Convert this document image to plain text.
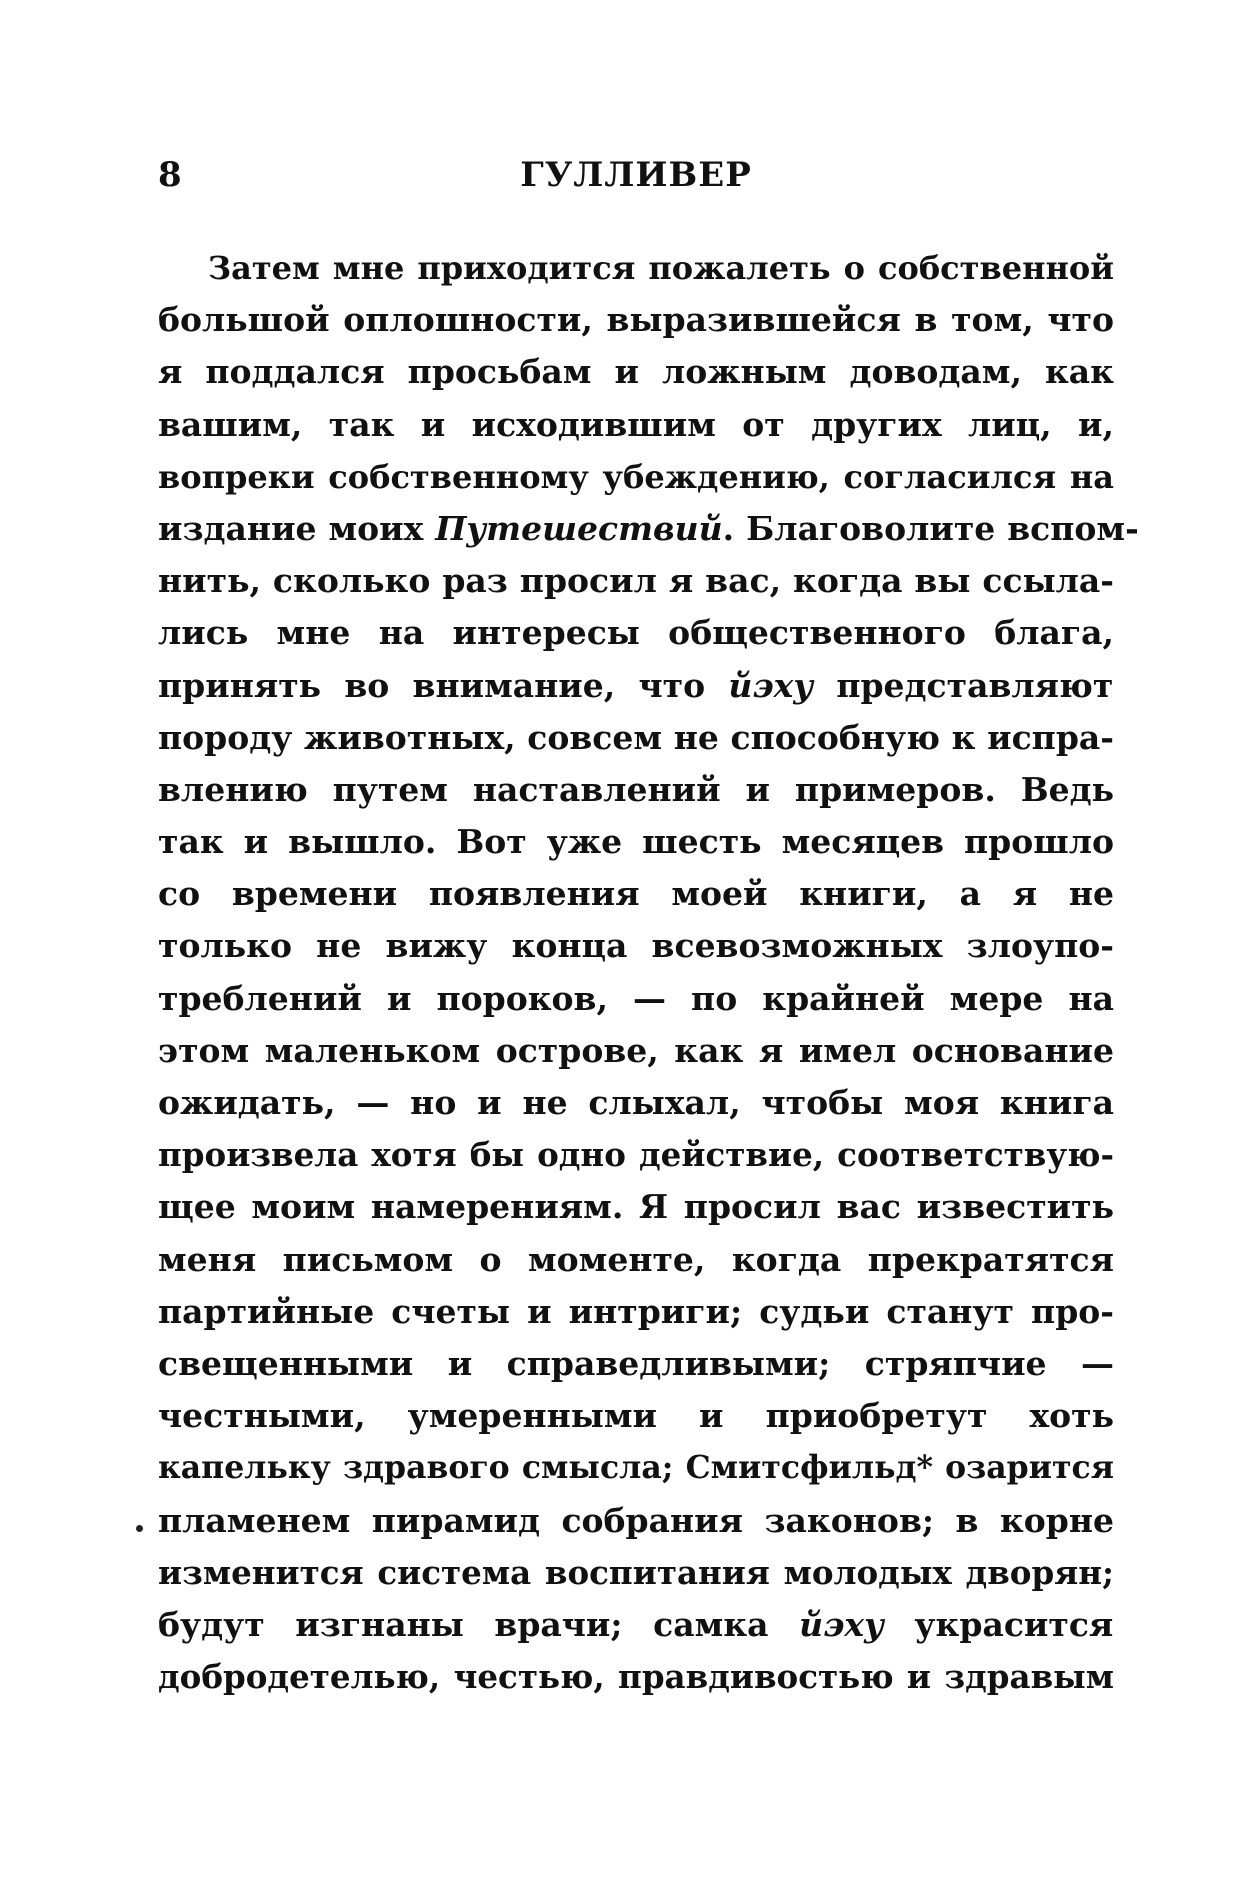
8	ГУЛЛИВЕР
Затем мне приходится пожалеть о собственной
большой оплошности, выразившейся в том, что
я поддался просьбам и ложным доводам, как
вашим, так и исходившим от других лиц, и,
вопреки собственному убеждению, согласился на
издание моих Путешествий. Благоволите вспом-
нить, сколько раз просил я вас, когда вы ссыла-
лись мне на интересы общественного блага,
принять во внимание, что йэху представляют
породу животных, совсем не способную к испра-
влению путем наставлений и примеров. Ведь
так и вышло. Вот уже шесть месяцев прошло
со времени появления моей книги, а я не
только не вижу конца всевозможных злоупо-
треблений и пороков, — по крайней мере на
этом маленьком острове, как я имел основание
ожидать, — но и не слыхал, чтобы моя книга
произвела хотя бы одно действие, соответствую-
щее моим намерениям. Я просил вас известить
меня письмом о моменте, когда прекратятся
партийные счеты и интриги; судьи станут про-
свещенными и справедливыми; стряпчие —
честными, умеренными и приобретут хоть
капельку здравого смысла; Смитсфильд* озарится
пламенем пирамид собрания законов; в корне
изменится система воспитания молодых дворян;
будут изгнаны врачи; самка йэху украсится
добродетелью, честью, правдивостью и здравым
